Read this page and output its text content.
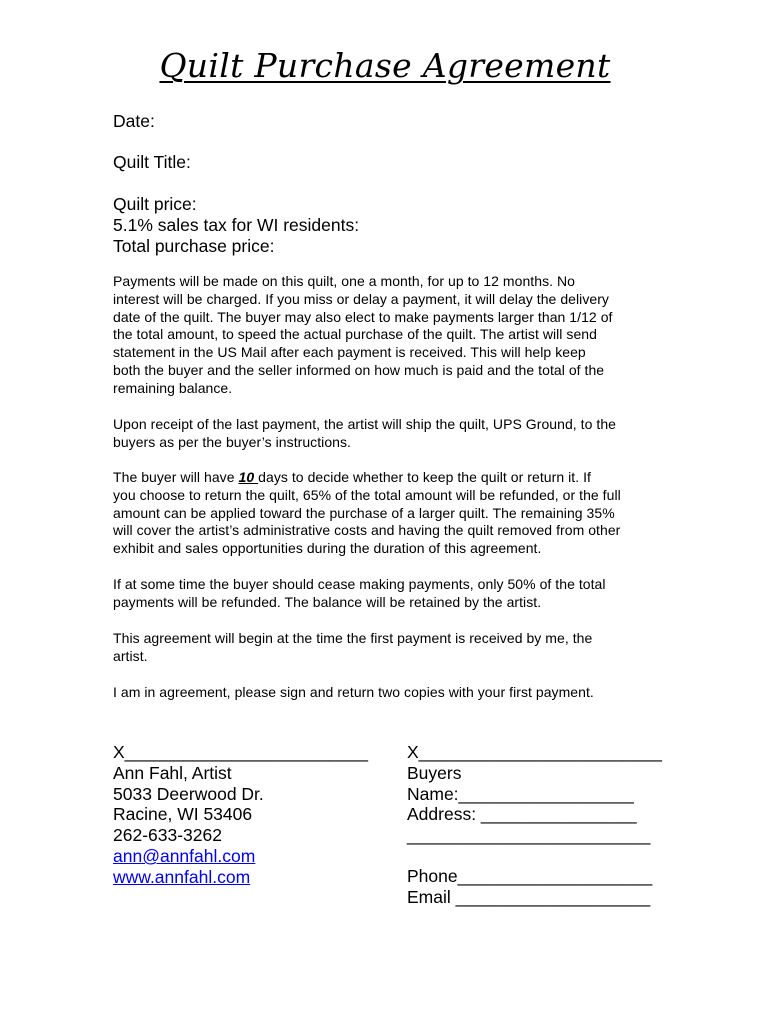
Quilt Purchase Agreement
Date:
Quilt Title:
Quilt price:
5.1% sales tax for WI residents:
Total purchase price:
Payments will be made on this quilt, one a month, for up to 12 months. No
interest will be charged. If you miss or delay a payment, it will delay the delivery
date of the quilt. The buyer may also elect to make payments larger than 1/12 of
the total amount, to speed the actual purchase of the quilt. The artist will send
statement in the US Mail after each payment is received. This will help keep
both the buyer and the seller informed on how much is paid and the total of the
remaining balance.
Upon receipt of the last payment, the artist will ship the quilt, UPS Ground, to the
buyers as per the buyer’s instructions.
The buyer will have 10 days to decide whether to keep the quilt or return it. If
you choose to return the quilt, 65% of the total amount will be refunded, or the full
amount can be applied toward the purchase of a larger quilt. The remaining 35%
will cover the artist’s administrative costs and having the quilt removed from other
exhibit and sales opportunities during the duration of this agreement.
If at some time the buyer should cease making payments, only 50% of the total
payments will be refunded. The balance will be retained by the artist.
This agreement will begin at the time the first payment is received by me, the
artist.
I am in agreement, please sign and return two copies with your first payment.
X_________________________
Ann Fahl, Artist
5033 Deerwood Dr.
Racine, WI 53406
262-633-3262
ann@annfahl.com
www.annfahl.com
X_________________________
Buyers
Name:__________________
Address: ________________
_________________________
Phone____________________
Email ____________________
